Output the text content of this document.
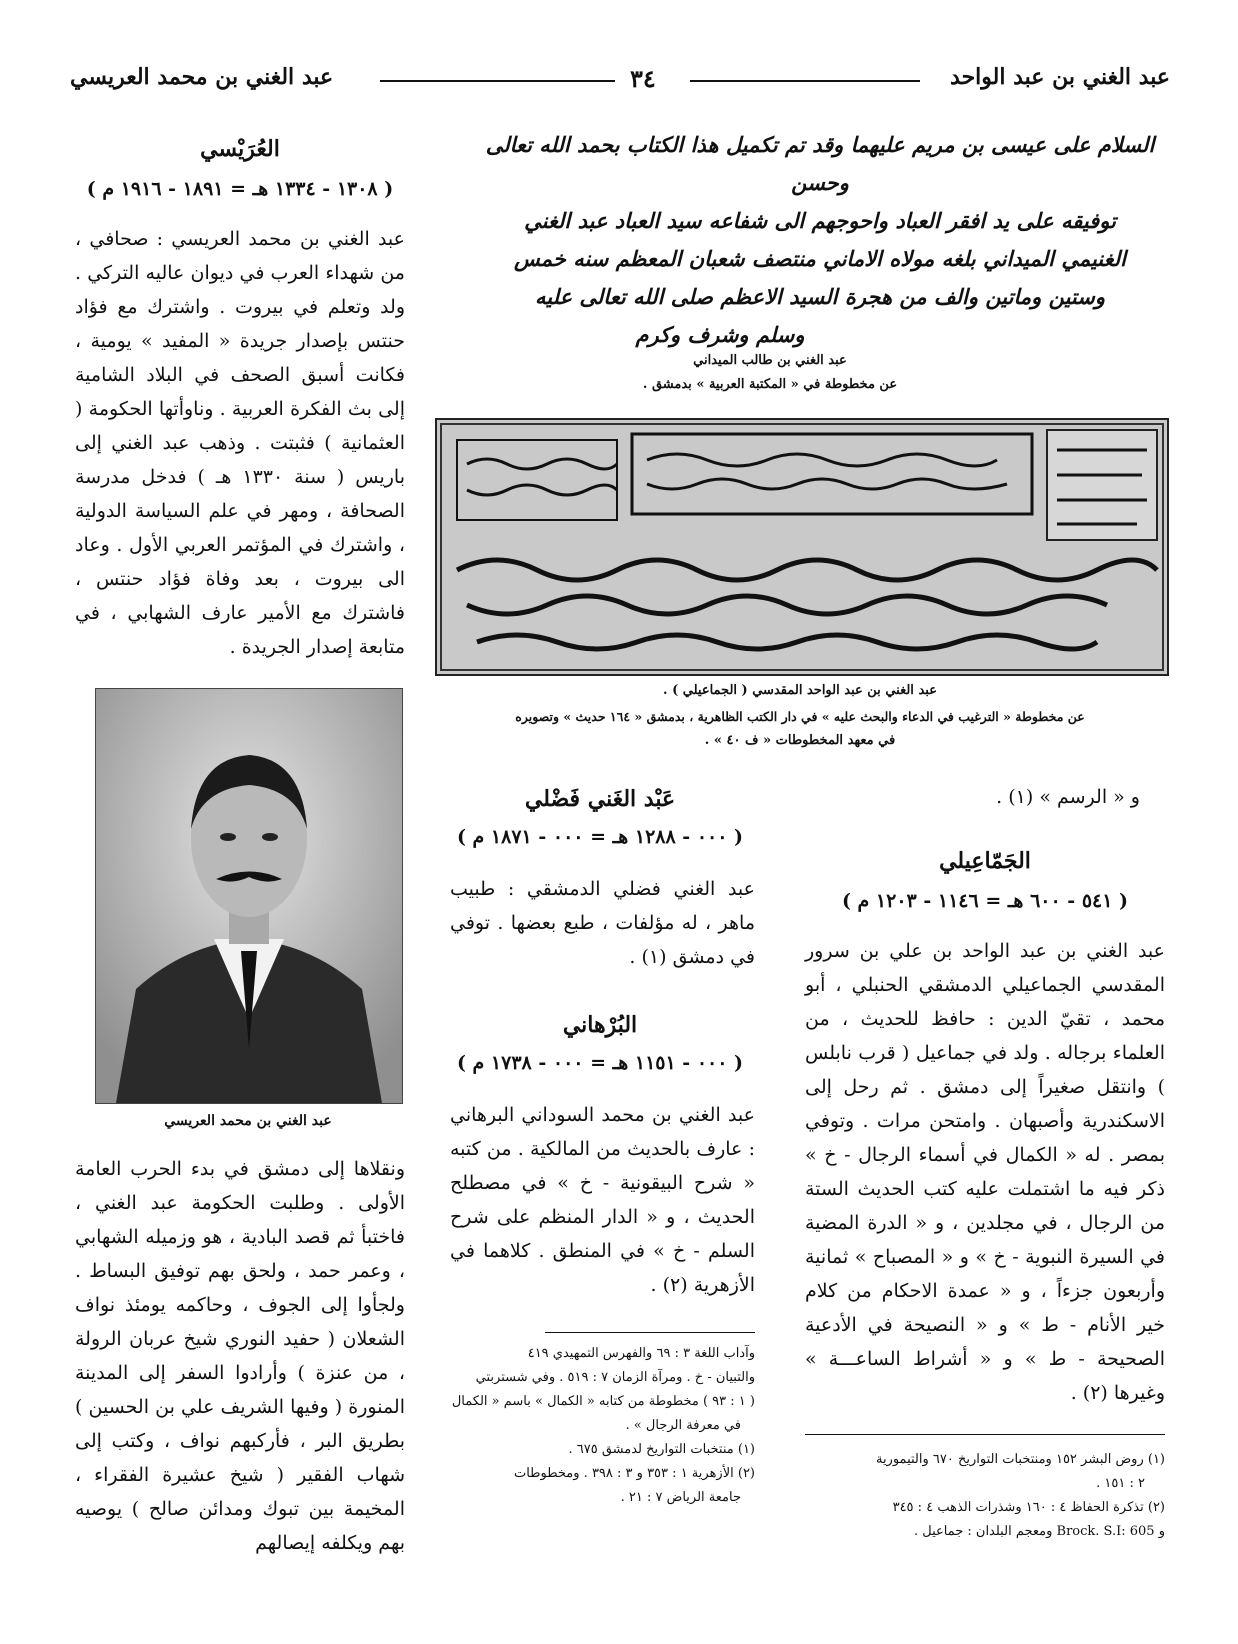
عبد الغني بن عبد الواحد
٣٤
عبد الغني بن محمد العريسي
السلام على عيسى بن مريم عليهما وقد تم تكميل هذا الكتاب بحمد الله تعالى وحسن
توفيقه على يد افقر العباد واحوجهم الى شفاعه سيد العباد عبد الغني
الغنيمي الميداني بلغه مولاه الاماني منتصف شعبان المعظم سنه خمس
وستين وماتين والف من هجرة السيد الاعظم صلى الله تعالى عليه
وسلم وشرف وكرم
عبد الغني بن طالب الميداني
عن مخطوطة في « المكتبة العربية » بدمشق .
عبد الغني بن عبد الواحد المقدسي ( الجماعيلي ) .
عن مخطوطة « الترغيب في الدعاء والبحث عليه » في دار الكتب الظاهرية ، بدمشق « ١٦٤ حديث » وتصويره
في معهد المخطوطات « ف ٤٠ » .
العُرَيْسي
( ١٣٠٨ - ١٣٣٤ هـ = ١٨٩١ - ١٩١٦ م )
عبد الغني بن محمد العريسي : صحافي ، من شهداء العرب في ديوان عاليه التركي . ولد وتعلم في بيروت . واشترك مع فؤاد حنتس بإصدار جريدة « المفيد » يومية ، فكانت أسبق الصحف في البلاد الشامية إلى بث الفكرة العربية . وناوأتها الحكومة ( العثمانية ) فثبتت . وذهب عبد الغني إلى باريس ( سنة ١٣٣٠ هـ ) فدخل مدرسة الصحافة ، ومهر في علم السياسة الدولية ، واشترك في المؤتمر العربي الأول . وعاد الى بيروت ، بعد وفاة فؤاد حنتس ، فاشترك مع الأمير عارف الشهابي ، في متابعة إصدار الجريدة .
عبد الغني بن محمد العريسي
ونقلاها إلى دمشق في بدء الحرب العامة الأولى . وطلبت الحكومة عبد الغني ، فاختبأ ثم قصد البادية ، هو وزميله الشهابي ، وعمر حمد ، ولحق بهم توفيق البساط . ولجأوا إلى الجوف ، وحاكمه يومئذ نواف الشعلان ( حفيد النوري شيخ عربان الرولة ، من عنزة ) وأرادوا السفر إلى المدينة المنورة ( وفيها الشريف علي بن الحسين ) بطريق البر ، فأركبهم نواف ، وكتب إلى شهاب الفقير ( شيخ عشيرة الفقراء ، المخيمة بين تبوك ومدائن صالح ) يوصيه بهم ويكلفه إيصالهم
عَبْد الغَني فَضْلي
( ٠٠٠ - ١٢٨٨ هـ = ٠٠٠ - ١٨٧١ م )
عبد الغني فضلي الدمشقي : طبيب ماهر ، له مؤلفات ، طبع بعضها . توفي في دمشق (١) .
البُرْهاني
( ٠٠٠ - ١١٥١ هـ = ٠٠٠ - ١٧٣٨ م )
عبد الغني بن محمد السوداني البرهاني : عارف بالحديث من المالكية . من كتبه « شرح البيقونية - خ » في مصطلح الحديث ، و « الدار المنظم على شرح السلم - خ » في المنطق . كلاهما في الأزهرية (٢) .
وآداب اللغة ٣ : ٦٩ والفهرس التمهيدي ٤١٩
والتبيان - خ . ومرآة الزمان ٧ : ٥١٩ . وفي شستربتي
( ١ : ٩٣ ) مخطوطة من كتابه « الكمال » باسم « الكمال
في معرفة الرجال » .
(١) منتخبات التواريخ لدمشق ٦٧٥ .
(٢) الأزهرية ١ : ٣٥٣ و ٣ : ٣٩٨ . ومخطوطات
جامعة الرياض ٧ : ٢١ .
و « الرسم » (١) .
الجَمّاعِيلي
( ٥٤١ - ٦٠٠ هـ = ١١٤٦ - ١٢٠٣ م )
عبد الغني بن عبد الواحد بن علي بن سرور المقدسي الجماعيلي الدمشقي الحنبلي ، أبو محمد ، تقيّ الدين : حافظ للحديث ، من العلماء برجاله . ولد في جماعيل ( قرب نابلس ) وانتقل صغيراً إلى دمشق . ثم رحل إلى الاسكندرية وأصبهان . وامتحن مرات . وتوفي بمصر . له « الكمال في أسماء الرجال - خ » ذكر فيه ما اشتملت عليه كتب الحديث الستة من الرجال ، في مجلدين ، و « الدرة المضية في السيرة النبوية - خ » و « المصباح » ثمانية وأربعون جزءاً ، و « عمدة الاحكام من كلام خير الأنام - ط » و « النصيحة في الأدعية الصحيحة - ط » و « أشراط الساعـــة » وغيرها (٢) .
(١) روض البشر ١٥٢ ومنتخبات التواريخ ٦٧٠ والتيمورية
٢ : ١٥١ .
(٢) تذكرة الحفاظ ٤ : ١٦٠ وشذرات الذهب ٤ : ٣٤٥
و Brock. S.I: 605 ومعجم البلدان : جماعيل .
